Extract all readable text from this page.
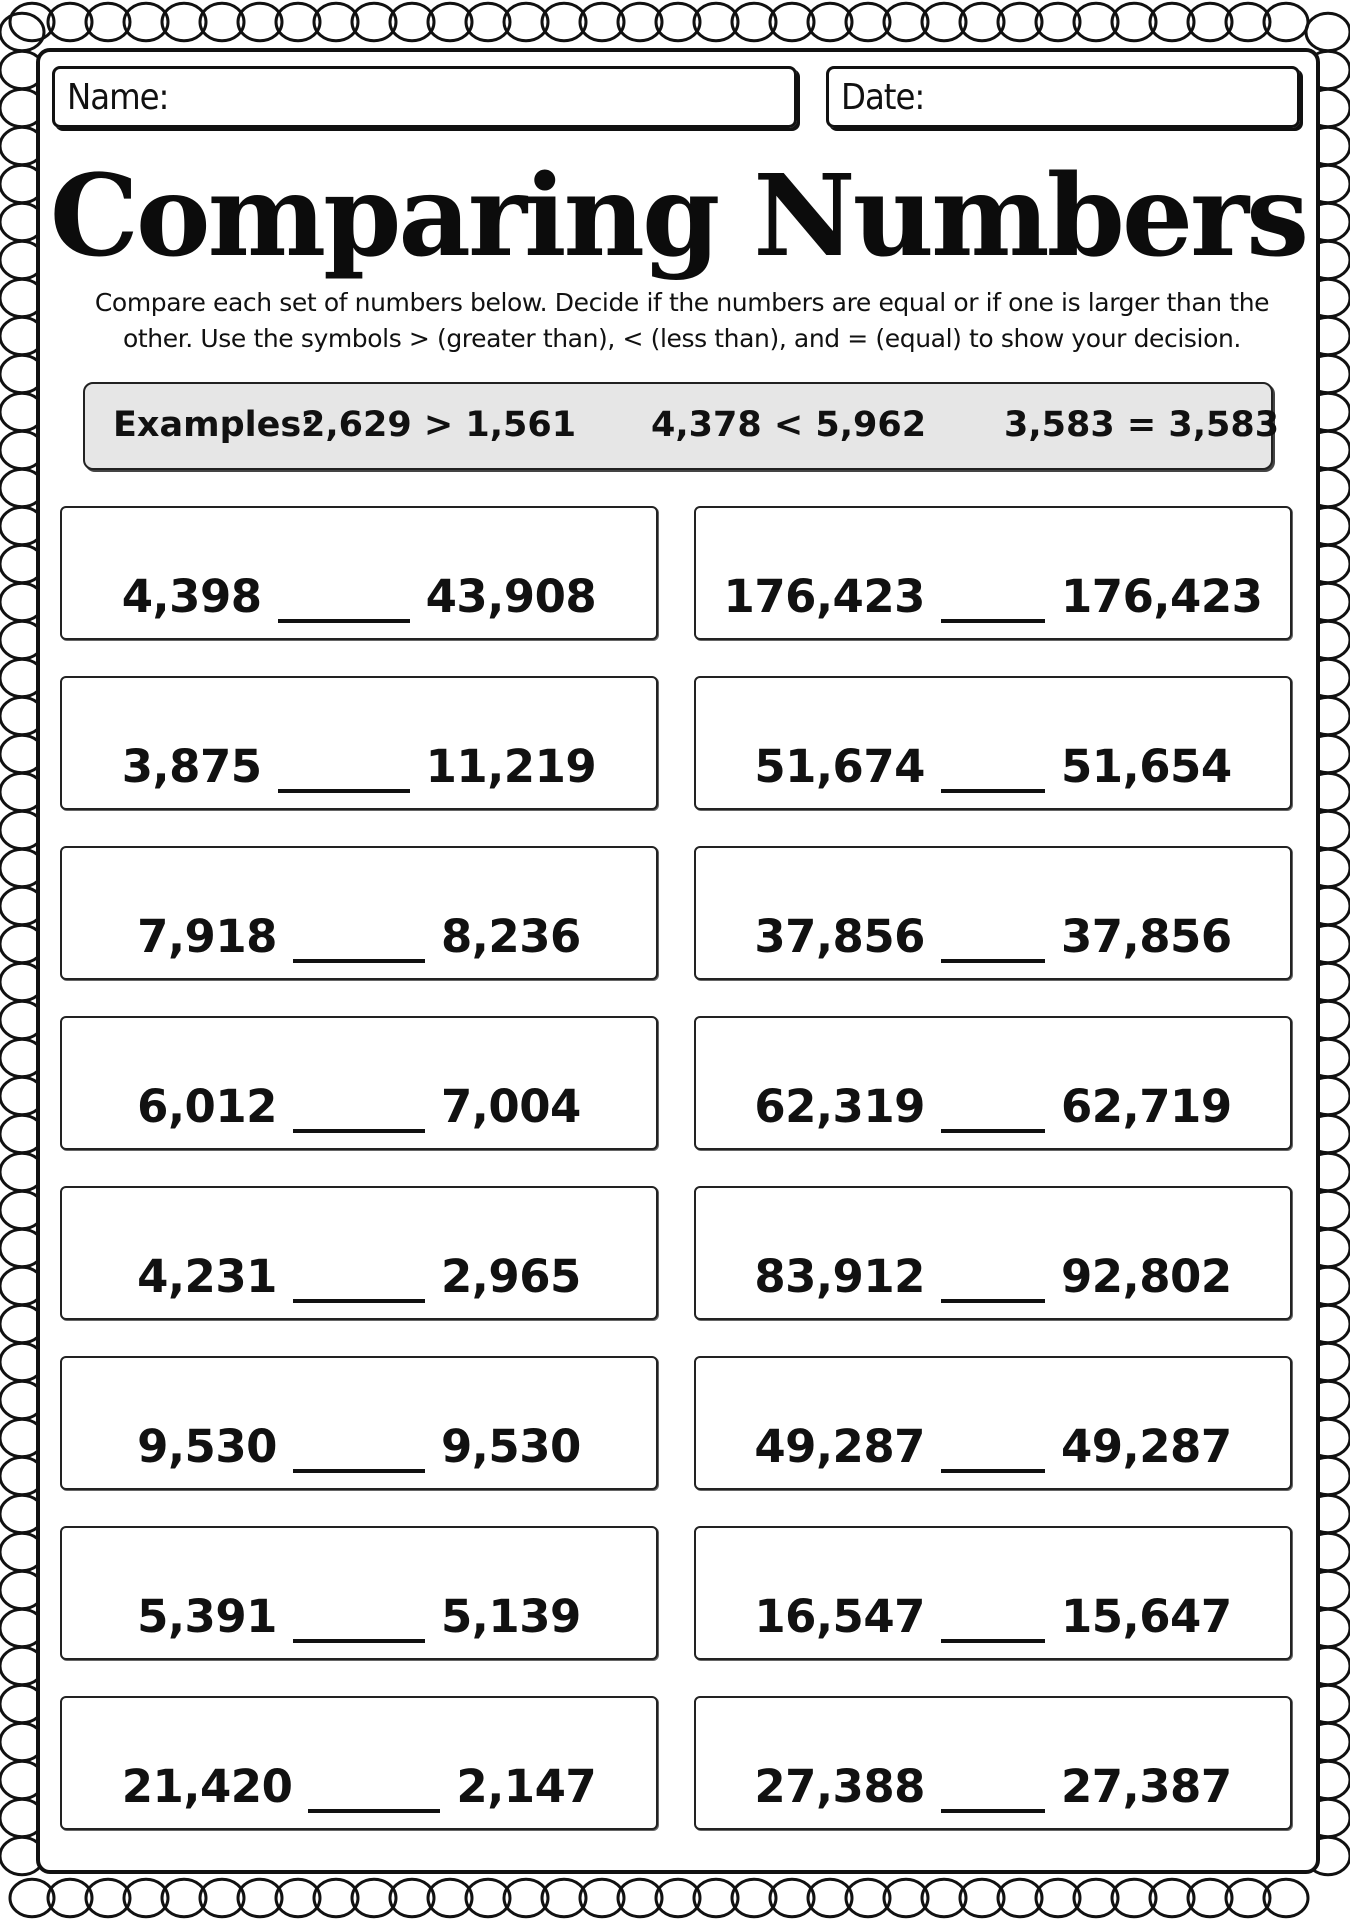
Name:	Date:
Comparing Numbers
Compare each set of numbers below. Decide if the numbers are equal or if one is larger than the other. Use the symbols > (greater than), < (less than), and = (equal) to show your decision.
Examples:
2,629 > 1,561 4,378 < 5,962 3,583 = 3,583
4,398	43,908
3,875	11,219
7,918	8,236
6,012	7,004
4,231	2,965
9,530	9,530
5,391	5,139
21,420	2,147
176,423	176,423
51,674	51,654
37,856	37,856
62,319	62,719
83,912	92,802
49,287	49,287
16,547	15,647
27,388	27,387
